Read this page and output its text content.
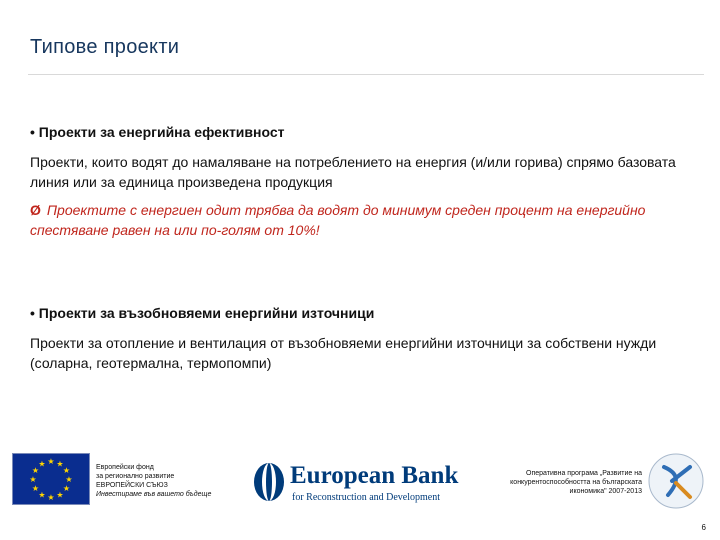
Типове проекти
• Проекти за енергийна ефективност
Проекти, които водят до намаляване на потреблението на енергия (и/или горива) спрямо базовата линия или за единица произведена продукция
Ø Проектите с енергиен одит трябва да водят до минимум среден процент на енергийно спестяване равен на или по-голям от 10%!
• Проекти за възобновяеми енергийни източници
Проекти за отопление и вентилация от възобновяеми енергийни източници за собствени нужди (соларна, геотермална, термопомпи)
★ ★
★
★
★
★
★
★
★
★
★
★	Европейски фонд
за регионално развитие
ЕВРОПЕЙСКИ СЪЮЗ
Инвестираме във вашето бъдеще
European Bank
for Reconstruction and Development
Оперативна програма „Развитие на
конкурентоспособността на българската
икономика" 2007-2013
6
